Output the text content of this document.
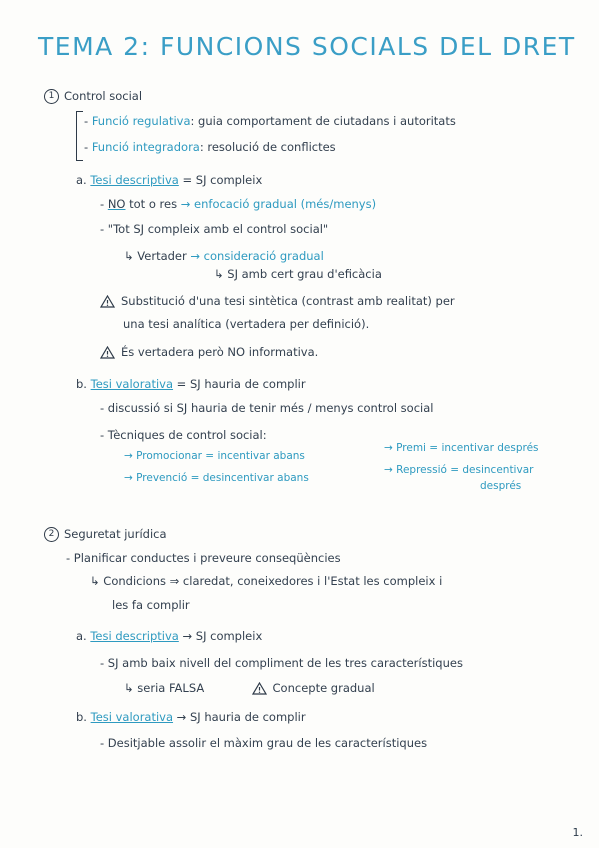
TEMA 2: FUNCIONS SOCIALS DEL DRET
1 Control social
- Funció regulativa: guia comportament de ciutadans i autoritats
- Funció integradora: resolució de conflictes
a. Tesi descriptiva = SJ compleix
- NO tot o res → enfocació gradual (més/menys)
- "Tot SJ compleix amb el control social"
↳ Vertader → consideració gradual
↳ SJ amb cert grau d'eficàcia
Substitució d'una tesi sintètica (contrast amb realitat) per
una tesi analítica (vertadera per definició).
És vertadera però NO informativa.
b. Tesi valorativa = SJ hauria de complir
- discussió si SJ hauria de tenir més / menys control social
- Tècniques de control social:
→ Promocionar = incentivar abans
→ Premi = incentivar després
→ Prevenció = desincentivar abans
→ Repressió = desincentivar
després
2 Seguretat jurídica
- Planificar conductes i preveure conseqüències
↳ Condicions ⇒ claredat, coneixedores i l'Estat les compleix i
les fa complir
a. Tesi descriptiva → SJ compleix
- SJ amb baix nivell del compliment de les tres característiques
↳ seria FALSA	Concepte gradual
b. Tesi valorativa → SJ hauria de complir
- Desitjable assolir el màxim grau de les característiques
1.
